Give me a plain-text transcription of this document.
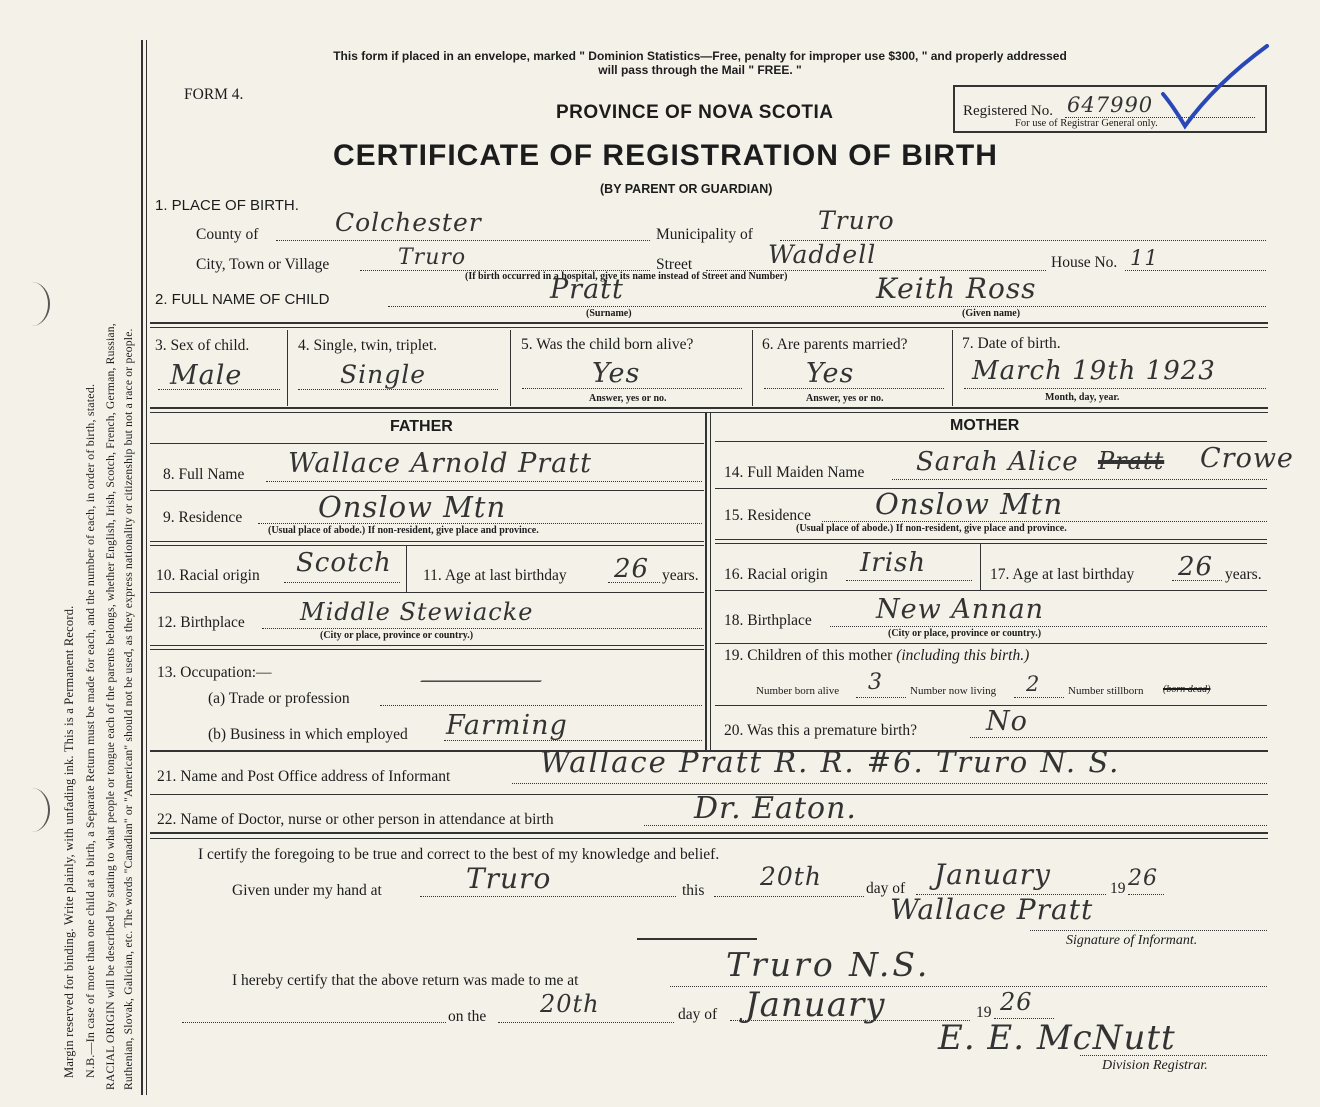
Margin reserved for binding. Write plainly, with unfading ink. This is a Permanent Record. N.B.—In case of more than one child at a birth, a Separate Return must be made for each, and the number of each, in order of birth, stated. RACIAL ORIGIN will be described by stating to what people or tongue each of the parents belongs, whether English, Irish, Scotch, French, German, Russian, Ruthenian, Slovak, Galician, etc. The words "Canadian" or "American" should not be used, as they express nationality or citizenship but not a race or people.
This form if placed in an envelope, marked " Dominion Statistics—Free, penalty for improper use $300, " and properly addressed
will pass through the Mail " FREE. "
FORM 4.
PROVINCE OF NOVA SCOTIA	Registered No. 647990
For use of Registrar General only.
CERTIFICATE OF REGISTRATION OF BIRTH
(BY PARENT OR GUARDIAN)
1. PLACE OF BIRTH.
County of	Colchester	Municipality of	Truro
City, Town or Village	Truro	Street	Waddell	House No. 11
(If birth occurred in a hospital, give its name instead of Street and Number)
2. FULL NAME OF CHILD	Pratt
(Surname)
Keith Ross
(Given name)
3. Sex of child.
Male
4. Single, twin, triplet.
Single
5. Was the child born alive?
Yes
Answer, yes or no.
6. Are parents married?
Yes
Answer, yes or no.
7. Date of birth.
March 19th 1923
Month, day, year.
FATHER
8. Full Name Wallace Arnold Pratt
9. Residence	Onslow Mtn
(Usual place of abode.) If non-resident, give place and province.
10. Racial origin Scotch 11. Age at last birthday 26 years.
12. Birthplace Middle Stewiacke
(City or place, province or country.)
13. Occupation:—
(a) Trade or profession
—
(b) Business in which employed Farming
MOTHER
14. Full Maiden Name Sarah Alice Pratt Crowe
15. Residence Onslow Mtn
(Usual place of abode.) If non-resident, give place and province.
16. Racial origin Irish	17. Age at last birthday 26 years.
18. Birthplace New Annan
(City or place, province or country.)
19. Children of this mother (including this birth.)
Number born alive 3 Number now living 2	Number stillborn (born dead)
20. Was this a premature birth?	No
21. Name and Post Office address of Informant	Wallace Pratt R. R. #6. Truro N. S.
22. Name of Doctor, nurse or other person in attendance at birth	Dr. Eaton.
I certify the foregoing to be true and correct to the best of my knowledge and belief.
Given under my hand at	Truro	this 20th	day of January	19 26
Wallace Pratt
Signature of Informant.
I hereby certify that the above return was made to me at	Truro N.S.
on the 20th	day of January	19 26
E. E. McNutt
Division Registrar.
